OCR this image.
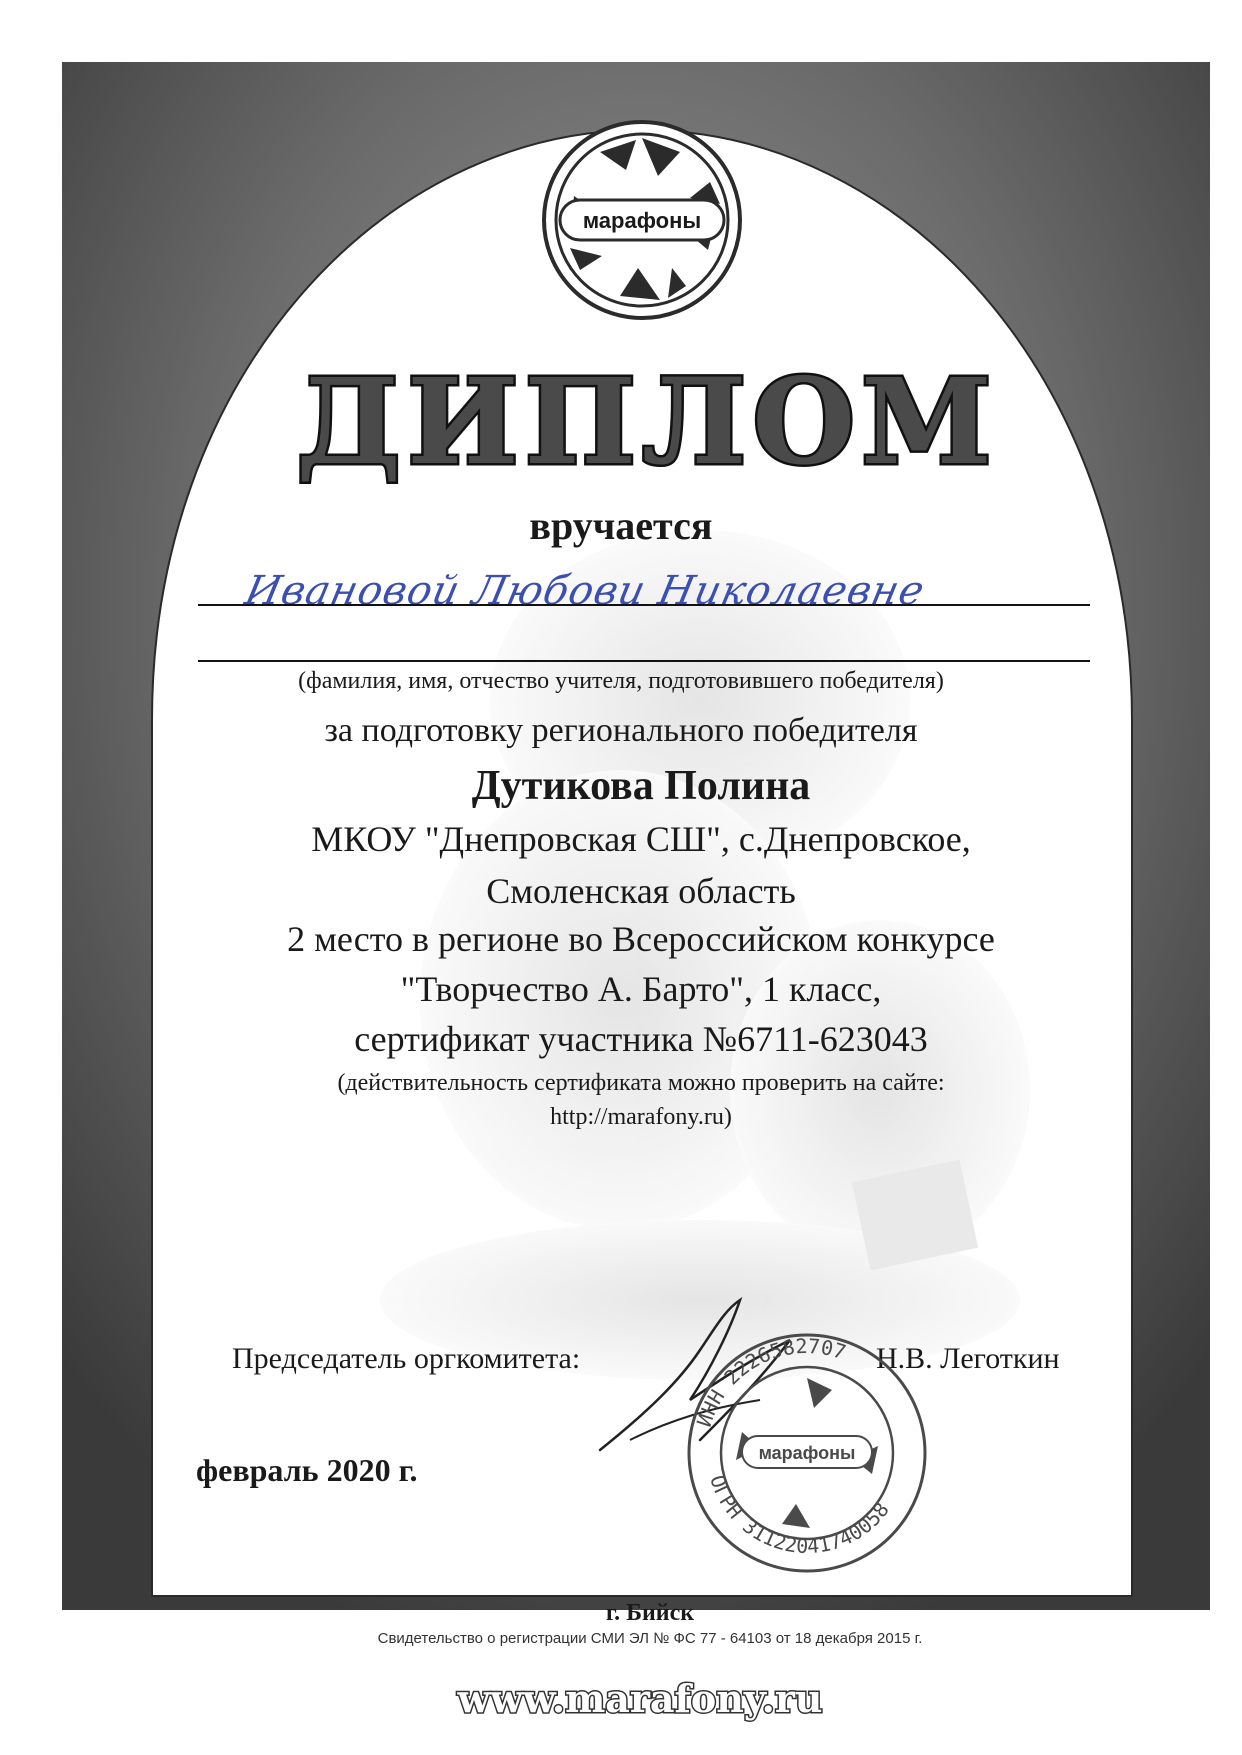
марафоны
ДИПЛОМ
вручается
Ивановой Любови Николаевне
(фамилия, имя, отчество учителя, подготовившего победителя)
за подготовку регионального победителя
Дутикова Полина
МКОУ "Днепровская СШ", с.Днепровское,
Смоленская область
2 место в регионе во Всероссийском конкурсе
"Творчество А. Барто", 1 класс,
сертификат участника №6711-623043
(действительность сертификата можно проверить на сайте:
http://marafony.ru)
Председатель оргкомитета:	Н.В. Леготкин
ИНН 2226582707
ОГРН 31122041740058
марафоны
февраль 2020 г.
г. Бийск
Свидетельство о регистрации СМИ ЭЛ № ФС 77 - 64103 от 18 декабря 2015 г.
www.marafony.ru
